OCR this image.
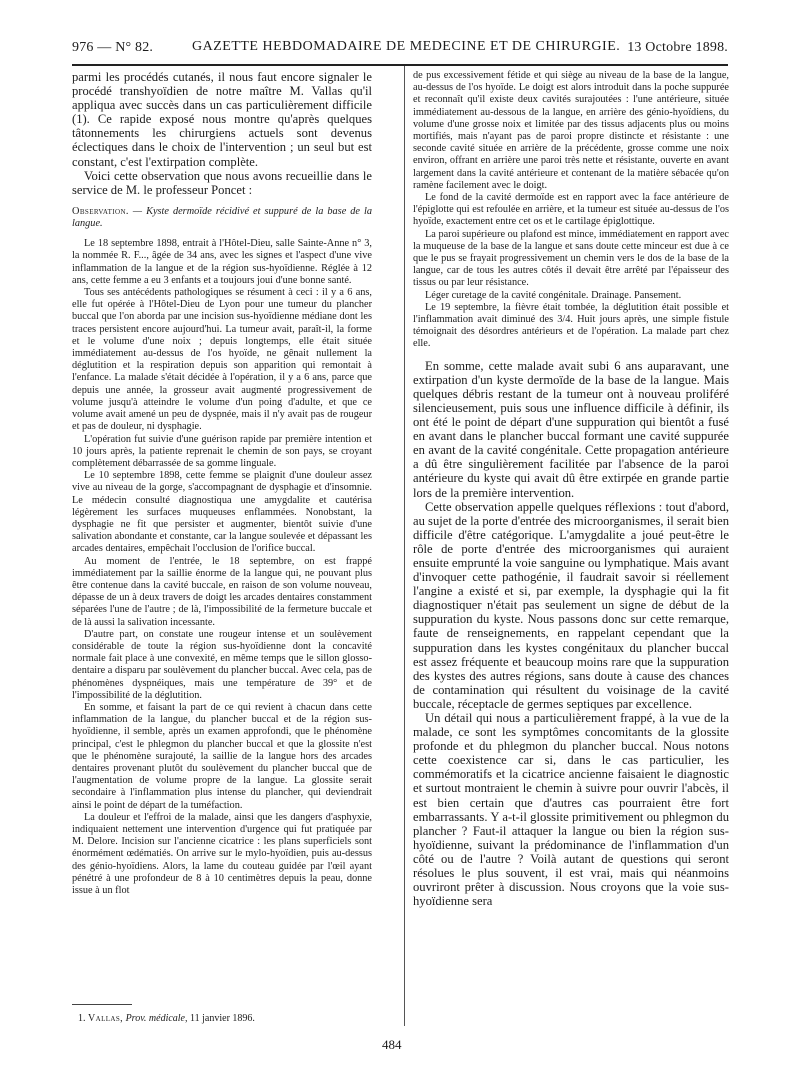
976 — N° 82.	GAZETTE HEBDOMADAIRE DE MEDECINE ET DE CHIRURGIE. 13 Octobre 1898.

parmi les procédés cutanés, il nous faut encore signaler le procédé transhyoïdien de notre maître M. Vallas qu'il appliqua avec succès dans un cas particulièrement difficile (1). Ce rapide exposé nous montre qu'après quelques tâtonnements les chirurgiens actuels sont devenus éclectiques dans le choix de l'intervention ; un seul but est constant, c'est l'extirpation complète.

Voici cette observation que nous avons recueillie dans le service de M. le professeur Poncet :

Observation. — Kyste dermoïde récidivé et suppuré de la base de la langue.

Le 18 septembre 1898, entrait à l'Hôtel-Dieu, salle Sainte-Anne n° 3, la nommée R. F..., âgée de 34 ans, avec les signes et l'aspect d'une vive inflammation de la langue et de la région sus-hyoïdienne. Réglée à 12 ans, cette femme a eu 3 enfants et a toujours joui d'une bonne santé.

Tous ses antécédents pathologiques se résument à ceci : il y a 6 ans, elle fut opérée à l'Hôtel-Dieu de Lyon pour une tumeur du plancher buccal que l'on aborda par une incision sus-hyoïdienne médiane dont les traces persistent encore aujourd'hui. La tumeur avait, paraît-il, la forme et le volume d'une noix ; depuis longtemps, elle était située immédiatement au-dessus de l'os hyoïde, ne gênait nullement la déglutition et la respiration depuis son apparition qui remontait à l'enfance. La malade s'était décidée à l'opération, il y a 6 ans, parce que depuis une année, la grosseur avait augmenté progressivement de volume jusqu'à atteindre le volume d'un poing d'adulte, et que ce volume avait amené un peu de dyspnée, mais il n'y avait pas de rougeur et pas de douleur, ni dysphagie.

L'opération fut suivie d'une guérison rapide par première intention et 10 jours après, la patiente reprenait le chemin de son pays, se croyant complètement débarrassée de sa gomme linguale.

Le 10 septembre 1898, cette femme se plaignit d'une douleur assez vive au niveau de la gorge, s'accompagnant de dysphagie et d'insomnie. Le médecin consulté diagnostiqua une amygdalite et cautérisa légèrement les surfaces muqueuses enflammées. Nonobstant, la dysphagie ne fit que persister et augmenter, bientôt suivie d'une salivation abondante et constante, car la langue soulevée et dépassant les arcades dentaires, empêchait l'occlusion de l'orifice buccal.

Au moment de l'entrée, le 18 septembre, on est frappé immédiatement par la saillie énorme de la langue qui, ne pouvant plus être contenue dans la cavité buccale, en raison de son volume nouveau, dépasse de un à deux travers de doigt les arcades dentaires constamment séparées l'une de l'autre ; de là, l'impossibilité de la fermeture buccale et de là aussi la salivation incessante.

D'autre part, on constate une rougeur intense et un soulèvement considérable de toute la région sus-hyoïdienne dont la concavité normale fait place à une convexité, en même temps que le sillon glosso-dentaire a disparu par soulèvement du plancher buccal. Avec cela, pas de phénomènes dyspnéiques, mais une température de 39° et de l'impossibilité de la déglutition.

En somme, et faisant la part de ce qui revient à chacun dans cette inflammation de la langue, du plancher buccal et de la région sus-hyoïdienne, il semble, après un examen approfondi, que le phénomène principal, c'est le phlegmon du plancher buccal et que la glossite n'est que le phénomène surajouté, la saillie de la langue hors des arcades dentaires provenant plutôt du soulèvement du plancher buccal que de l'augmentation de volume propre de la langue. La glossite serait secondaire à l'inflammation plus intense du plancher, qui deviendrait ainsi le point de départ de la tuméfaction.

La douleur et l'effroi de la malade, ainsi que les dangers d'asphyxie, indiquaient nettement une intervention d'urgence qui fut pratiquée par M. Delore. Incision sur l'ancienne cicatrice : les plans superficiels sont énormément œdématiés. On arrive sur le mylo-hyoïdien, puis au-dessus des génio-hyoïdiens. Alors, la lame du couteau guidée par l'œil ayant pénétré à une profondeur de 8 à 10 centimètres depuis la peau, donne issue à un flot

1. Vallas, Prov. médicale, 11 janvier 1896.

de pus excessivement fétide et qui siège au niveau de la base de la langue, au-dessus de l'os hyoïde. Le doigt est alors introduit dans la poche suppurée et reconnaît qu'il existe deux cavités surajoutées : l'une antérieure, située immédiatement au-dessous de la langue, en arrière des génio-hyoïdiens, du volume d'une grosse noix et limitée par des tissus adjacents plus ou moins mortifiés, mais n'ayant pas de paroi propre distincte et résistante : une seconde cavité située en arrière de la précédente, grosse comme une noix environ, offrant en arrière une paroi très nette et résistante, ouverte en avant largement dans la cavité antérieure et contenant de la matière sébacée qu'on ramène facilement avec le doigt.

Le fond de la cavité dermoïde est en rapport avec la face antérieure de l'épiglotte qui est refoulée en arrière, et la tumeur est située au-dessus de l'os hyoïde, exactement entre cet os et le cartilage épiglottique.

La paroi supérieure ou plafond est mince, immédiatement en rapport avec la muqueuse de la base de la langue et sans doute cette minceur est due à ce que le pus se frayait progressivement un chemin vers le dos de la base de la langue, car de tous les autres côtés il devait être arrêté par l'épaisseur des tissus ou par leur résistance.

Léger curetage de la cavité congénitale. Drainage. Pansement.

Le 19 septembre, la fièvre était tombée, la déglutition était possible et l'inflammation avait diminué des 3/4. Huit jours après, une simple fistule témoignait des désordres antérieurs et de l'opération. La malade part chez elle.

En somme, cette malade avait subi 6 ans auparavant, une extirpation d'un kyste dermoïde de la base de la langue. Mais quelques débris restant de la tumeur ont à nouveau proliféré silencieusement, puis sous une influence difficile à définir, ils ont été le point de départ d'une suppuration qui bientôt a fusé en avant dans le plancher buccal formant une cavité suppurée en avant de la cavité congénitale. Cette propagation antérieure a dû être singulièrement facilitée par l'absence de la paroi antérieure du kyste qui avait dû être extirpée en grande partie lors de la première intervention.

Cette observation appelle quelques réflexions : tout d'abord, au sujet de la porte d'entrée des microorganismes, il serait bien difficile d'être catégorique. L'amygdalite a joué peut-être le rôle de porte d'entrée des microorganismes qui auraient ensuite emprunté la voie sanguine ou lymphatique. Mais avant d'invoquer cette pathogénie, il faudrait savoir si réellement l'angine a existé et si, par exemple, la dysphagie qui la fit diagnostiquer n'était pas seulement un signe de début de la suppuration du kyste. Nous passons donc sur cette remarque, faute de renseignements, en rappelant cependant que la suppuration dans les kystes congénitaux du plancher buccal est assez fréquente et beaucoup moins rare que la suppuration des kystes des autres régions, sans doute à cause des chances de contamination qui résultent du voisinage de la cavité buccale, réceptacle de germes septiques par excellence.

Un détail qui nous a particulièrement frappé, à la vue de la malade, ce sont les symptômes concomitants de la glossite profonde et du phlegmon du plancher buccal. Nous notons cette coexistence car si, dans le cas particulier, les commémoratifs et la cicatrice ancienne faisaient le diagnostic et surtout montraient le chemin à suivre pour ouvrir l'abcès, il est bien certain que d'autres cas pourraient être fort embarrassants. Y a-t-il glossite primitivement ou phlegmon du plancher ? Faut-il attaquer la langue ou bien la région sus-hyoïdienne, suivant la prédominance de l'inflammation d'un côté ou de l'autre ? Voilà autant de questions qui seront résolues le plus souvent, il est vrai, mais qui néanmoins ouvriront prêter à discussion. Nous croyons que la voie sus-hyoïdienne sera

484
